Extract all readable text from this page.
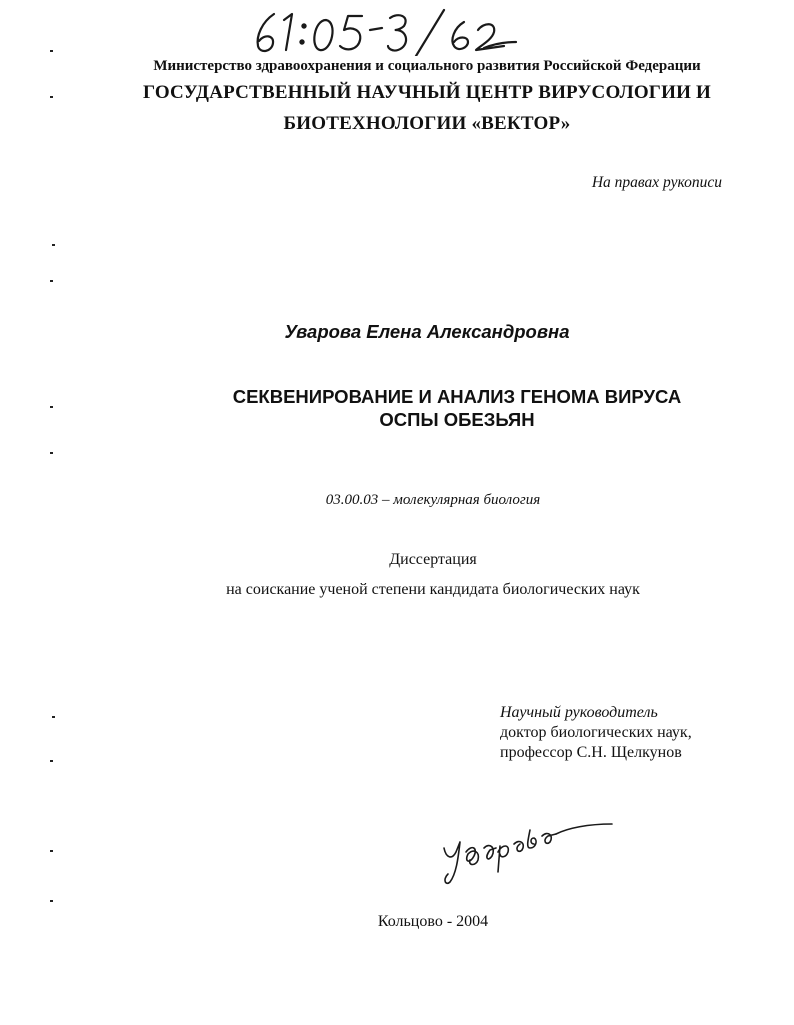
Министерство здравоохранения и социального развития Российской Федерации
ГОСУДАРСТВЕННЫЙ НАУЧНЫЙ ЦЕНТР ВИРУСОЛОГИИ И
БИОТЕХНОЛОГИИ «ВЕКТОР»
На правах рукописи
Уварова Елена Александровна
СЕКВЕНИРОВАНИЕ И АНАЛИЗ ГЕНОМА ВИРУСА
ОСПЫ ОБЕЗЬЯН
03.00.03 – молекулярная биология
Диссертация
на соискание ученой степени кандидата биологических наук
Научный руководитель
доктор биологических наук,
профессор С.Н. Щелкунов
Кольцово - 2004
